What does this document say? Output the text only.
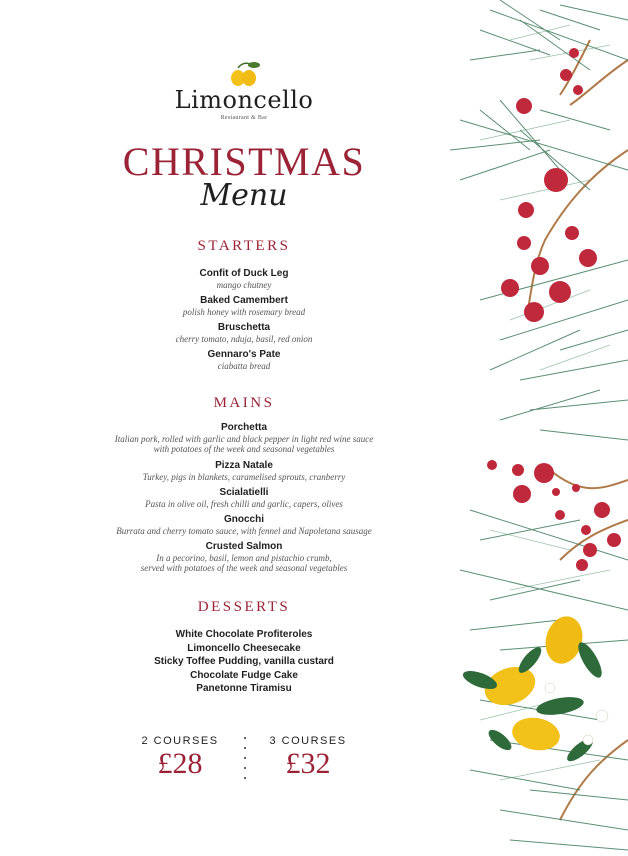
Limoncello
Restaurant & Bar
CHRISTMAS
Menu
STARTERS
Confit of Duck Leg
mango chutney
Baked Camembert
polish honey with rosemary bread
Bruschetta
cherry tomato, nduja, basil, red onion
Gennaro's Pate
ciabatta bread
MAINS
Porchetta
Italian pork, rolled with garlic and black pepper in light red wine sauce
with potatoes of the week and seasonal vegetables
Pizza Natale
Turkey, pigs in blankets, caramelised sprouts, cranberry
Scialatielli
Pasta in olive oil, fresh chilli and garlic, capers, olives
Gnocchi
Burrata and cherry tomato sauce, with fennel and Napoletana sausage
Crusted Salmon
In a pecorino, basil, lemon and pistachio crumb,
served with potatoes of the week and seasonal vegetables
DESSERTS
White Chocolate Profiteroles
Limoncello Cheesecake
Sticky Toffee Pudding, vanilla custard
Chocolate Fudge Cake
Panetonne Tiramisu
2 COURSES
£28
3 COURSES
£32
